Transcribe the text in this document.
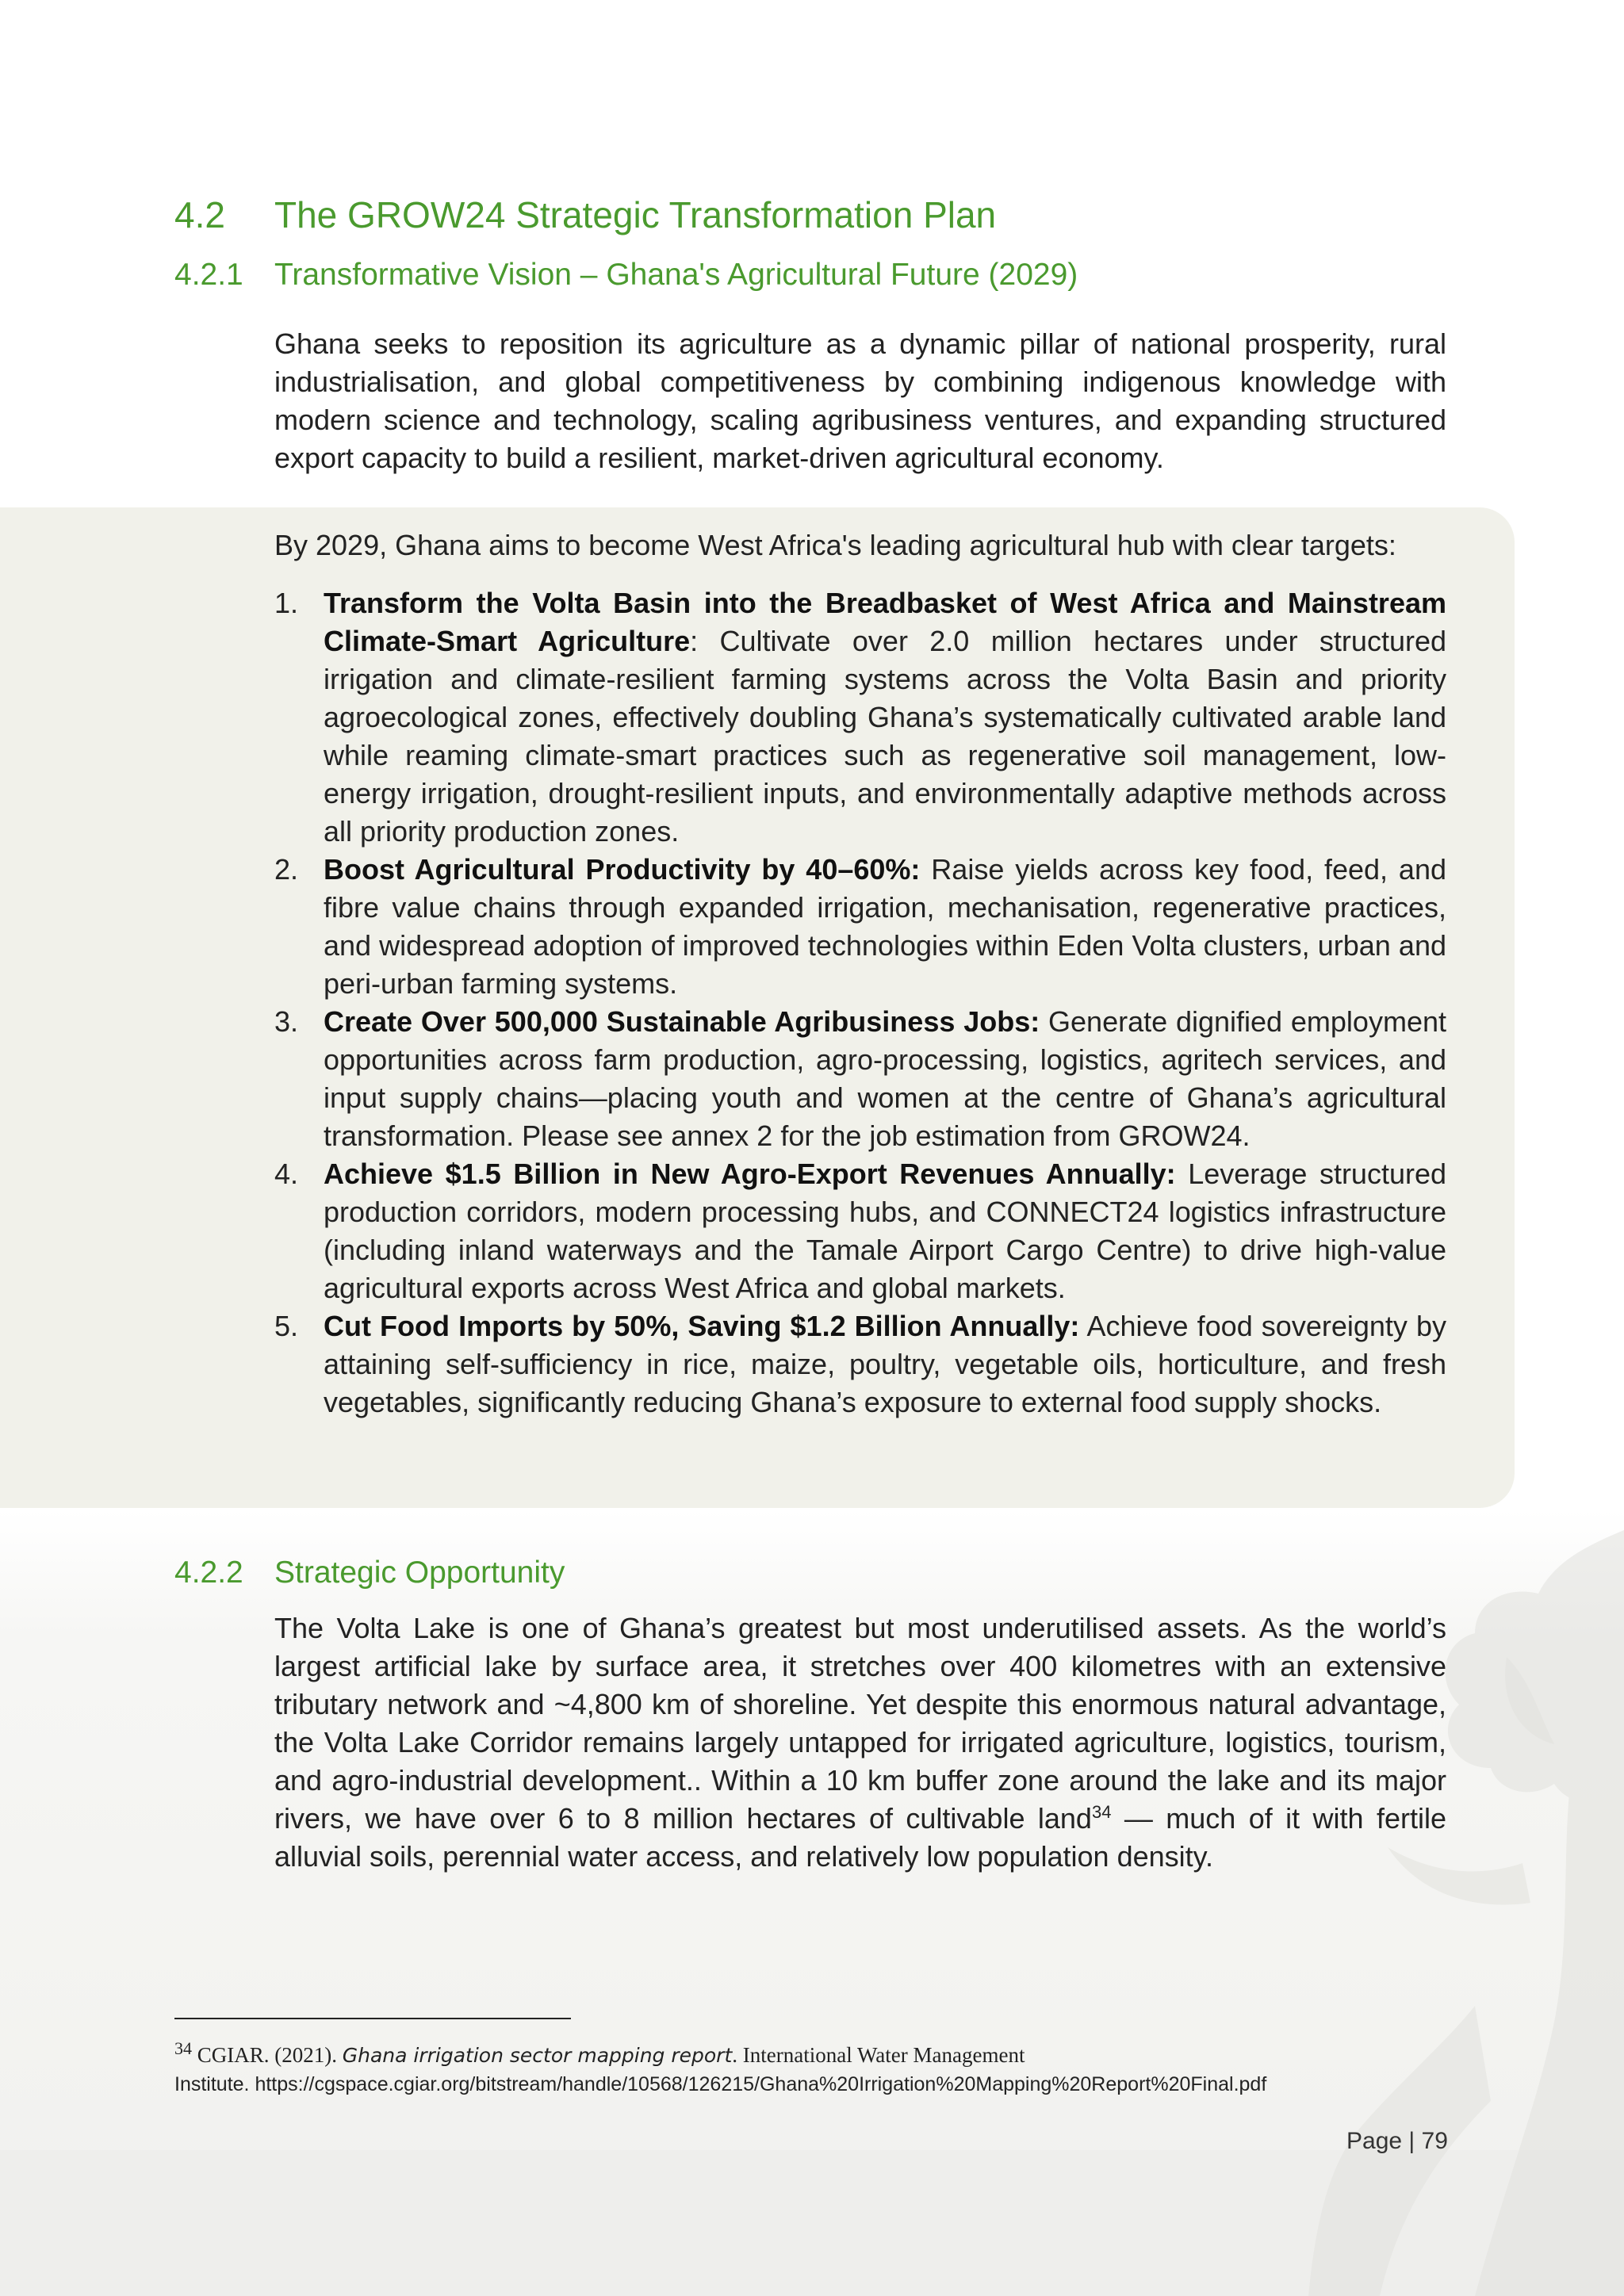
4.2 The GROW24 Strategic Transformation Plan
4.2.1 Transformative Vision – Ghana's Agricultural Future (2029)

Ghana seeks to reposition its agriculture as a dynamic pillar of national prosperity, rural industrialisation, and global competitiveness by combining indigenous knowledge with modern science and technology, scaling agribusiness ventures, and expanding structured export capacity to build a resilient, market-driven agricultural economy.

By 2029, Ghana aims to become West Africa's leading agricultural hub with clear targets:

1. Transform the Volta Basin into the Breadbasket of West Africa and Mainstream Climate-Smart Agriculture: Cultivate over 2.0 million hectares under structured irrigation and climate-resilient farming systems across the Volta Basin and priority agroecological zones, effectively doubling Ghana’s systematically cultivated arable land while reaming climate-smart practices such as regenerative soil management, low-energy irrigation, drought-resilient inputs, and environmentally adaptive methods across all priority production zones.
2. Boost Agricultural Productivity by 40–60%: Raise yields across key food, feed, and fibre value chains through expanded irrigation, mechanisation, regenerative practices, and widespread adoption of improved technologies within Eden Volta clusters, urban and peri-urban farming systems.
3. Create Over 500,000 Sustainable Agribusiness Jobs: Generate dignified employment opportunities across farm production, agro-processing, logistics, agritech services, and input supply chains—placing youth and women at the centre of Ghana’s agricultural transformation. Please see annex 2 for the job estimation from GROW24.
4. Achieve $1.5 Billion in New Agro-Export Revenues Annually: Leverage structured production corridors, modern processing hubs, and CONNECT24 logistics infrastructure (including inland waterways and the Tamale Airport Cargo Centre) to drive high-value agricultural exports across West Africa and global markets.
5. Cut Food Imports by 50%, Saving $1.2 Billion Annually: Achieve food sovereignty by attaining self-sufficiency in rice, maize, poultry, vegetable oils, horticulture, and fresh vegetables, significantly reducing Ghana’s exposure to external food supply shocks.
4.2.2 Strategic Opportunity

The Volta Lake is one of Ghana’s greatest but most underutilised assets. As the world’s largest artificial lake by surface area, it stretches over 400 kilometres with an extensive tributary network and ~4,800 km of shoreline. Yet despite this enormous natural advantage, the Volta Lake Corridor remains largely untapped for irrigated agriculture, logistics, tourism, and agro-industrial development.. Within a 10 km buffer zone around the lake and its major rivers, we have over 6 to 8 million hectares of cultivable land$^{34}$ — much of it with fertile alluvial soils, perennial water access, and relatively low population density.

$^{34}$ CGIAR. (2021). Ghana irrigation sector mapping report. International Water Management
Institute. https://cgspace.cgiar.org/bitstream/handle/10568/126215/Ghana%20Irrigation%20Mapping%20Report%20Final.pdf
Page | 79
